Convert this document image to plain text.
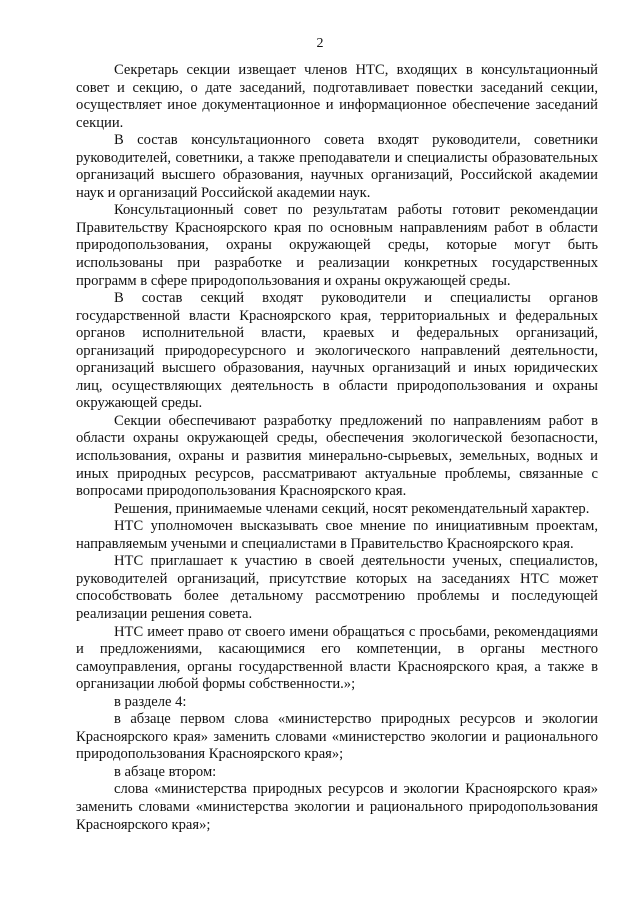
2

Секретарь секции извещает членов НТС, входящих в консультационный совет и секцию, о дате заседаний, подготавливает повестки заседаний секции, осуществляет иное документационное и информационное обеспечение заседаний секции.

В состав консультационного совета входят руководители, советники руководителей, советники, а также преподаватели и специалисты образовательных организаций высшего образования, научных организаций, Российской академии наук и организаций Российской академии наук.

Консультационный совет по результатам работы готовит рекомендации Правительству Красноярского края по основным направлениям работ в области природопользования, охраны окружающей среды, которые могут быть использованы при разработке и реализации конкретных государственных программ в сфере природопользования и охраны окружающей среды.

В состав секций входят руководители и специалисты органов государственной власти Красноярского края, территориальных и федеральных органов исполнительной власти, краевых и федеральных организаций, организаций природоресурсного и экологического направлений деятельности, организаций высшего образования, научных организаций и иных юридических лиц, осуществляющих деятельность в области природопользования и охраны окружающей среды.

Секции обеспечивают разработку предложений по направлениям работ в области охраны окружающей среды, обеспечения экологической безопасности, использования, охраны и развития минерально-сырьевых, земельных, водных и иных природных ресурсов, рассматривают актуальные проблемы, связанные с вопросами природопользования Красноярского края.

Решения, принимаемые членами секций, носят рекомендательный характер.

НТС уполномочен высказывать свое мнение по инициативным проектам, направляемым учеными и специалистами в Правительство Красноярского края.

НТС приглашает к участию в своей деятельности ученых, специалистов, руководителей организаций, присутствие которых на заседаниях НТС может способствовать более детальному рассмотрению проблемы и последующей реализации решения совета.

НТС имеет право от своего имени обращаться с просьбами, рекомендациями и предложениями, касающимися его компетенции, в органы местного самоуправления, органы государственной власти Красноярского края, а также в организации любой формы собственности.»;

в разделе 4:

в абзаце первом слова «министерство природных ресурсов и экологии Красноярского края» заменить словами «министерство экологии и рационального природопользования Красноярского края»;

в абзаце втором:

слова «министерства природных ресурсов и экологии Красноярского края» заменить словами «министерства экологии и рационального природопользования Красноярского края»;
